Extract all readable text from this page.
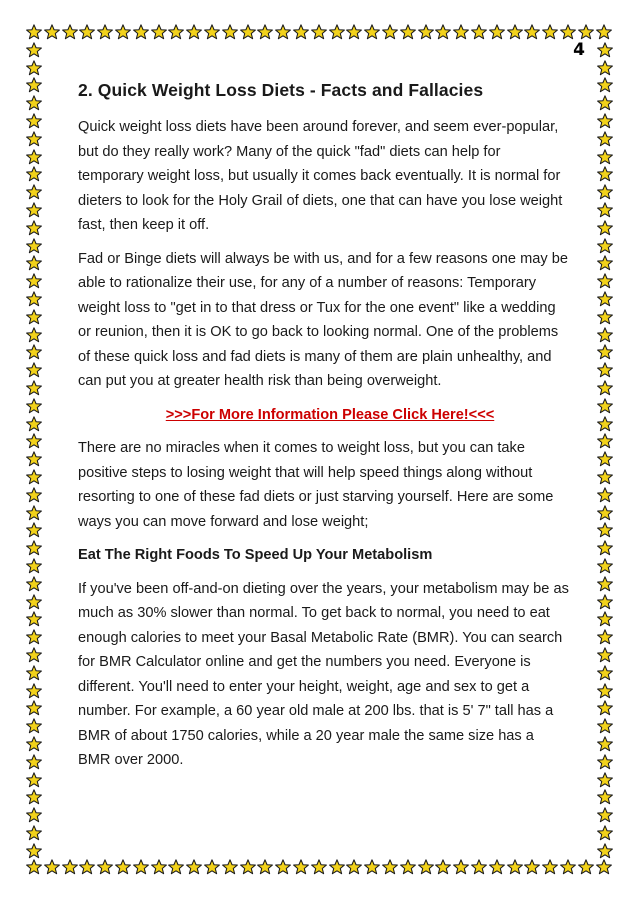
4
2. Quick Weight Loss Diets - Facts and Fallacies

Quick weight loss diets have been around forever, and seem ever-popular, but do they really work? Many of the quick "fad" diets can help for temporary weight loss, but usually it comes back eventually. It is normal for dieters to look for the Holy Grail of diets, one that can have you lose weight fast, then keep it off.

Fad or Binge diets will always be with us, and for a few reasons one may be able to rationalize their use, for any of a number of reasons: Temporary weight loss to "get in to that dress or Tux for the one event" like a wedding or reunion, then it is OK to go back to looking normal. One of the problems of these quick loss and fad diets is many of them are plain unhealthy, and can put you at greater health risk than being overweight.

>>>For More Information Please Click Here!<<<

There are no miracles when it comes to weight loss, but you can take positive steps to losing weight that will help speed things along without resorting to one of these fad diets or just starving yourself. Here are some ways you can move forward and lose weight;

Eat The Right Foods To Speed Up Your Metabolism

If you've been off-and-on dieting over the years, your metabolism may be as much as 30% slower than normal. To get back to normal, you need to eat enough calories to meet your Basal Metabolic Rate (BMR). You can search for BMR Calculator online and get the numbers you need. Everyone is different. You'll need to enter your height, weight, age and sex to get a number. For example, a 60 year old male at 200 lbs. that is 5' 7" tall has a BMR of about 1750 calories, while a 20 year male the same size has a BMR over 2000.
